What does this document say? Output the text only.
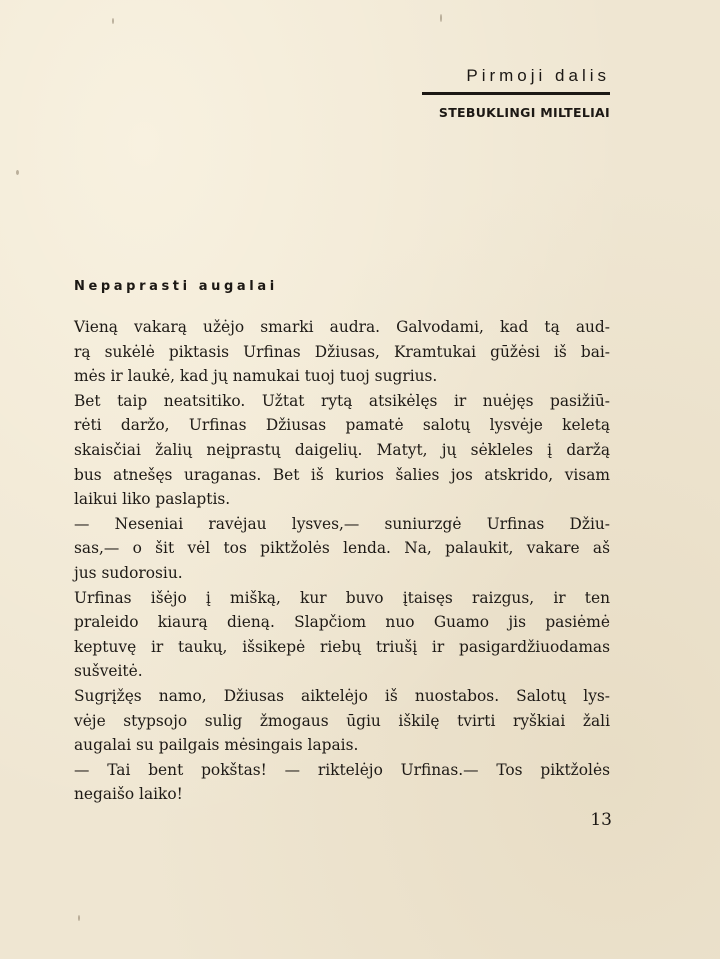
Pirmoji dalis
STEBUKLINGI MILTELIAI
Nepaprasti augalai

Vieną vakarą užėjo smarki audra. Galvodami, kad tą aud-
rą sukėlė piktasis Urfinas Džiusas, Kramtukai gūžėsi iš bai-
mės ir laukė, kad jų namukai tuoj tuoj sugrius.

Bet taip neatsitiko. Užtat rytą atsikėlęs ir nuėjęs pasižiū-
rėti daržo, Urfinas Džiusas pamatė salotų lysvėje keletą
skaisčiai žalių neįprastų daigelių. Matyt, jų sėkleles į daržą
bus atnešęs uraganas. Bet iš kurios šalies jos atskrido, visam
laikui liko paslaptis.

— Neseniai ravėjau lysves,— suniurzgė Urfinas Džiu-
sas,— o šit vėl tos piktžolės lenda. Na, palaukit, vakare aš
jus sudorosiu.

Urfinas išėjo į mišką, kur buvo įtaisęs raizgus, ir ten
praleido kiaurą dieną. Slapčiom nuo Guamo jis pasiėmė
keptuvę ir taukų, išsikepė riebų triušį ir pasigardžiuodamas
sušveitė.

Sugrįžęs namo, Džiusas aiktelėjo iš nuostabos. Salotų lys-
vėje stypsojo sulig žmogaus ūgiu iškilę tvirti ryškiai žali
augalai su pailgais mėsingais lapais.

— Tai bent pokštas! — riktelėjo Urfinas.— Tos piktžolės
negaišo laiko!

13
